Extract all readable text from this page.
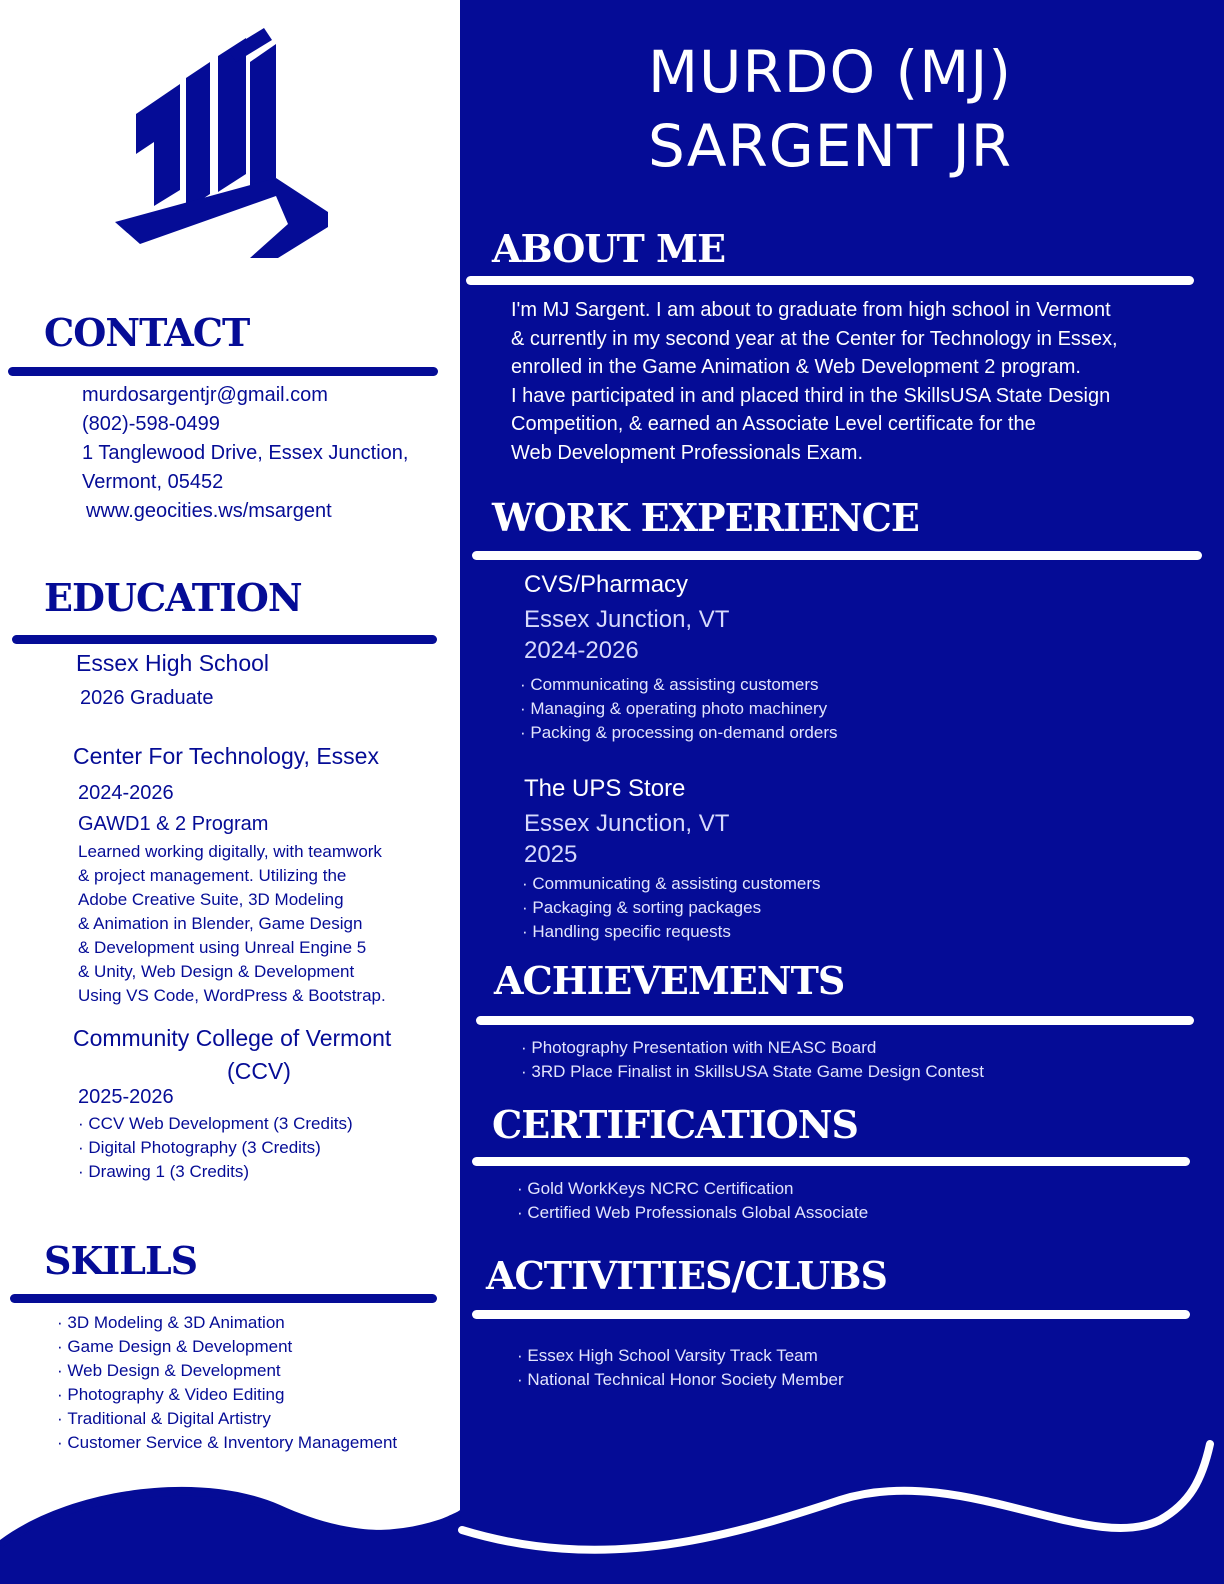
MURDO (MJ)
SARGENT JR
CONTACT
murdosargentjr@gmail.com
(802)-598-0499
1 Tanglewood Drive, Essex Junction,
Vermont, 05452
www.geocities.ws/msargent
EDUCATION
Essex High School
2026 Graduate
Center For Technology, Essex
2024-2026
GAWD1 & 2 Program
Learned working digitally, with teamwork
& project management. Utilizing the
Adobe Creative Suite, 3D Modeling
& Animation in Blender, Game Design
& Development using Unreal Engine 5
& Unity, Web Design & Development
Using VS Code, WordPress & Bootstrap.
Community College of Vermont
(CCV)
2025-2026
· CCV Web Development (3 Credits)
· Digital Photography (3 Credits)
· Drawing 1 (3 Credits)
SKILLS
· 3D Modeling & 3D Animation
· Game Design & Development
· Web Design & Development
· Photography & Video Editing
· Traditional & Digital Artistry
· Customer Service & Inventory Management
ABOUT ME
I'm MJ Sargent. I am about to graduate from high school in Vermont
& currently in my second year at the Center for Technology in Essex,
enrolled in the Game Animation & Web Development 2 program.
I have participated in and placed third in the SkillsUSA State Design
Competition, & earned an Associate Level certificate for the
Web Development Professionals Exam.
WORK EXPERIENCE
CVS/Pharmacy
Essex Junction, VT
2024-2026
· Communicating & assisting customers
· Managing & operating photo machinery
· Packing & processing on-demand orders
The UPS Store
Essex Junction, VT
2025
· Communicating & assisting customers
· Packaging & sorting packages
· Handling specific requests
ACHIEVEMENTS
· Photography Presentation with NEASC Board
· 3RD Place Finalist in SkillsUSA State Game Design Contest
CERTIFICATIONS
· Gold WorkKeys NCRC Certification
· Certified Web Professionals Global Associate
ACTIVITIES/CLUBS
· Essex High School Varsity Track Team
· National Technical Honor Society Member
